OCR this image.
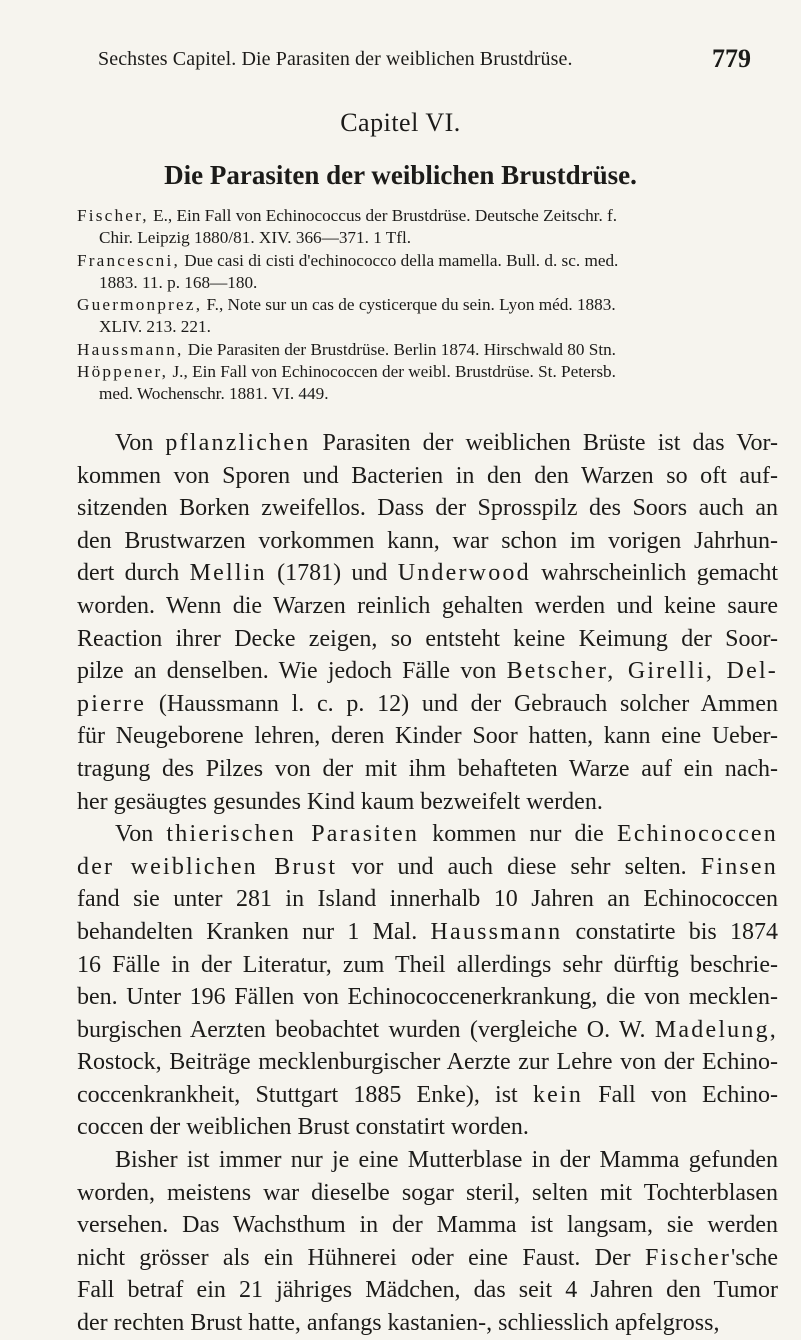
Sechstes Capitel. Die Parasiten der weiblichen Brustdrüse.	779
Capitel VI.
Die Parasiten der weiblichen Brustdrüse.
Fischer, E., Ein Fall von Echinococcus der Brustdrüse. Deutsche Zeitschr. f.
Chir. Leipzig 1880/81. XIV. 366—371. 1 Tfl.
Francescni, Due casi di cisti d'echinococco della mamella. Bull. d. sc. med.
1883. 11. p. 168—180.
Guermonprez, F., Note sur un cas de cysticerque du sein. Lyon méd. 1883.
XLIV. 213. 221.
Haussmann, Die Parasiten der Brustdrüse. Berlin 1874. Hirschwald 80 Stn.
Höppener, J., Ein Fall von Echinococcen der weibl. Brustdrüse. St. Petersb.
med. Wochenschr. 1881. VI. 449.

Von pflanzlichen Parasiten der weiblichen Brüste ist das Vor-
kommen von Sporen und Bacterien in den den Warzen so oft auf-
sitzenden Borken zweifellos. Dass der Sprosspilz des Soors auch an
den Brustwarzen vorkommen kann, war schon im vorigen Jahrhun-
dert durch Mellin (1781) und Underwood wahrscheinlich gemacht
worden. Wenn die Warzen reinlich gehalten werden und keine saure
Reaction ihrer Decke zeigen, so entsteht keine Keimung der Soor-
pilze an denselben. Wie jedoch Fälle von Betscher, Girelli, Del-
pierre (Haussmann l. c. p. 12) und der Gebrauch solcher Ammen
für Neugeborene lehren, deren Kinder Soor hatten, kann eine Ueber-
tragung des Pilzes von der mit ihm behafteten Warze auf ein nach-
her gesäugtes gesundes Kind kaum bezweifelt werden.

Von thierischen Parasiten kommen nur die Echinococcen
der weiblichen Brust vor und auch diese sehr selten. Finsen
fand sie unter 281 in Island innerhalb 10 Jahren an Echinococcen
behandelten Kranken nur 1 Mal. Haussmann constatirte bis 1874
16 Fälle in der Literatur, zum Theil allerdings sehr dürftig beschrie-
ben. Unter 196 Fällen von Echinococcenerkrankung, die von mecklen-
burgischen Aerzten beobachtet wurden (vergleiche O. W. Madelung,
Rostock, Beiträge mecklenburgischer Aerzte zur Lehre von der Echino-
coccenkrankheit, Stuttgart 1885 Enke), ist kein Fall von Echino-
coccen der weiblichen Brust constatirt worden.

Bisher ist immer nur je eine Mutterblase in der Mamma gefunden
worden, meistens war dieselbe sogar steril, selten mit Tochterblasen
versehen. Das Wachsthum in der Mamma ist langsam, sie werden
nicht grösser als ein Hühnerei oder eine Faust. Der Fischer'sche
Fall betraf ein 21 jähriges Mädchen, das seit 4 Jahren den Tumor
der rechten Brust hatte, anfangs kastanien-, schliesslich apfelgross,
